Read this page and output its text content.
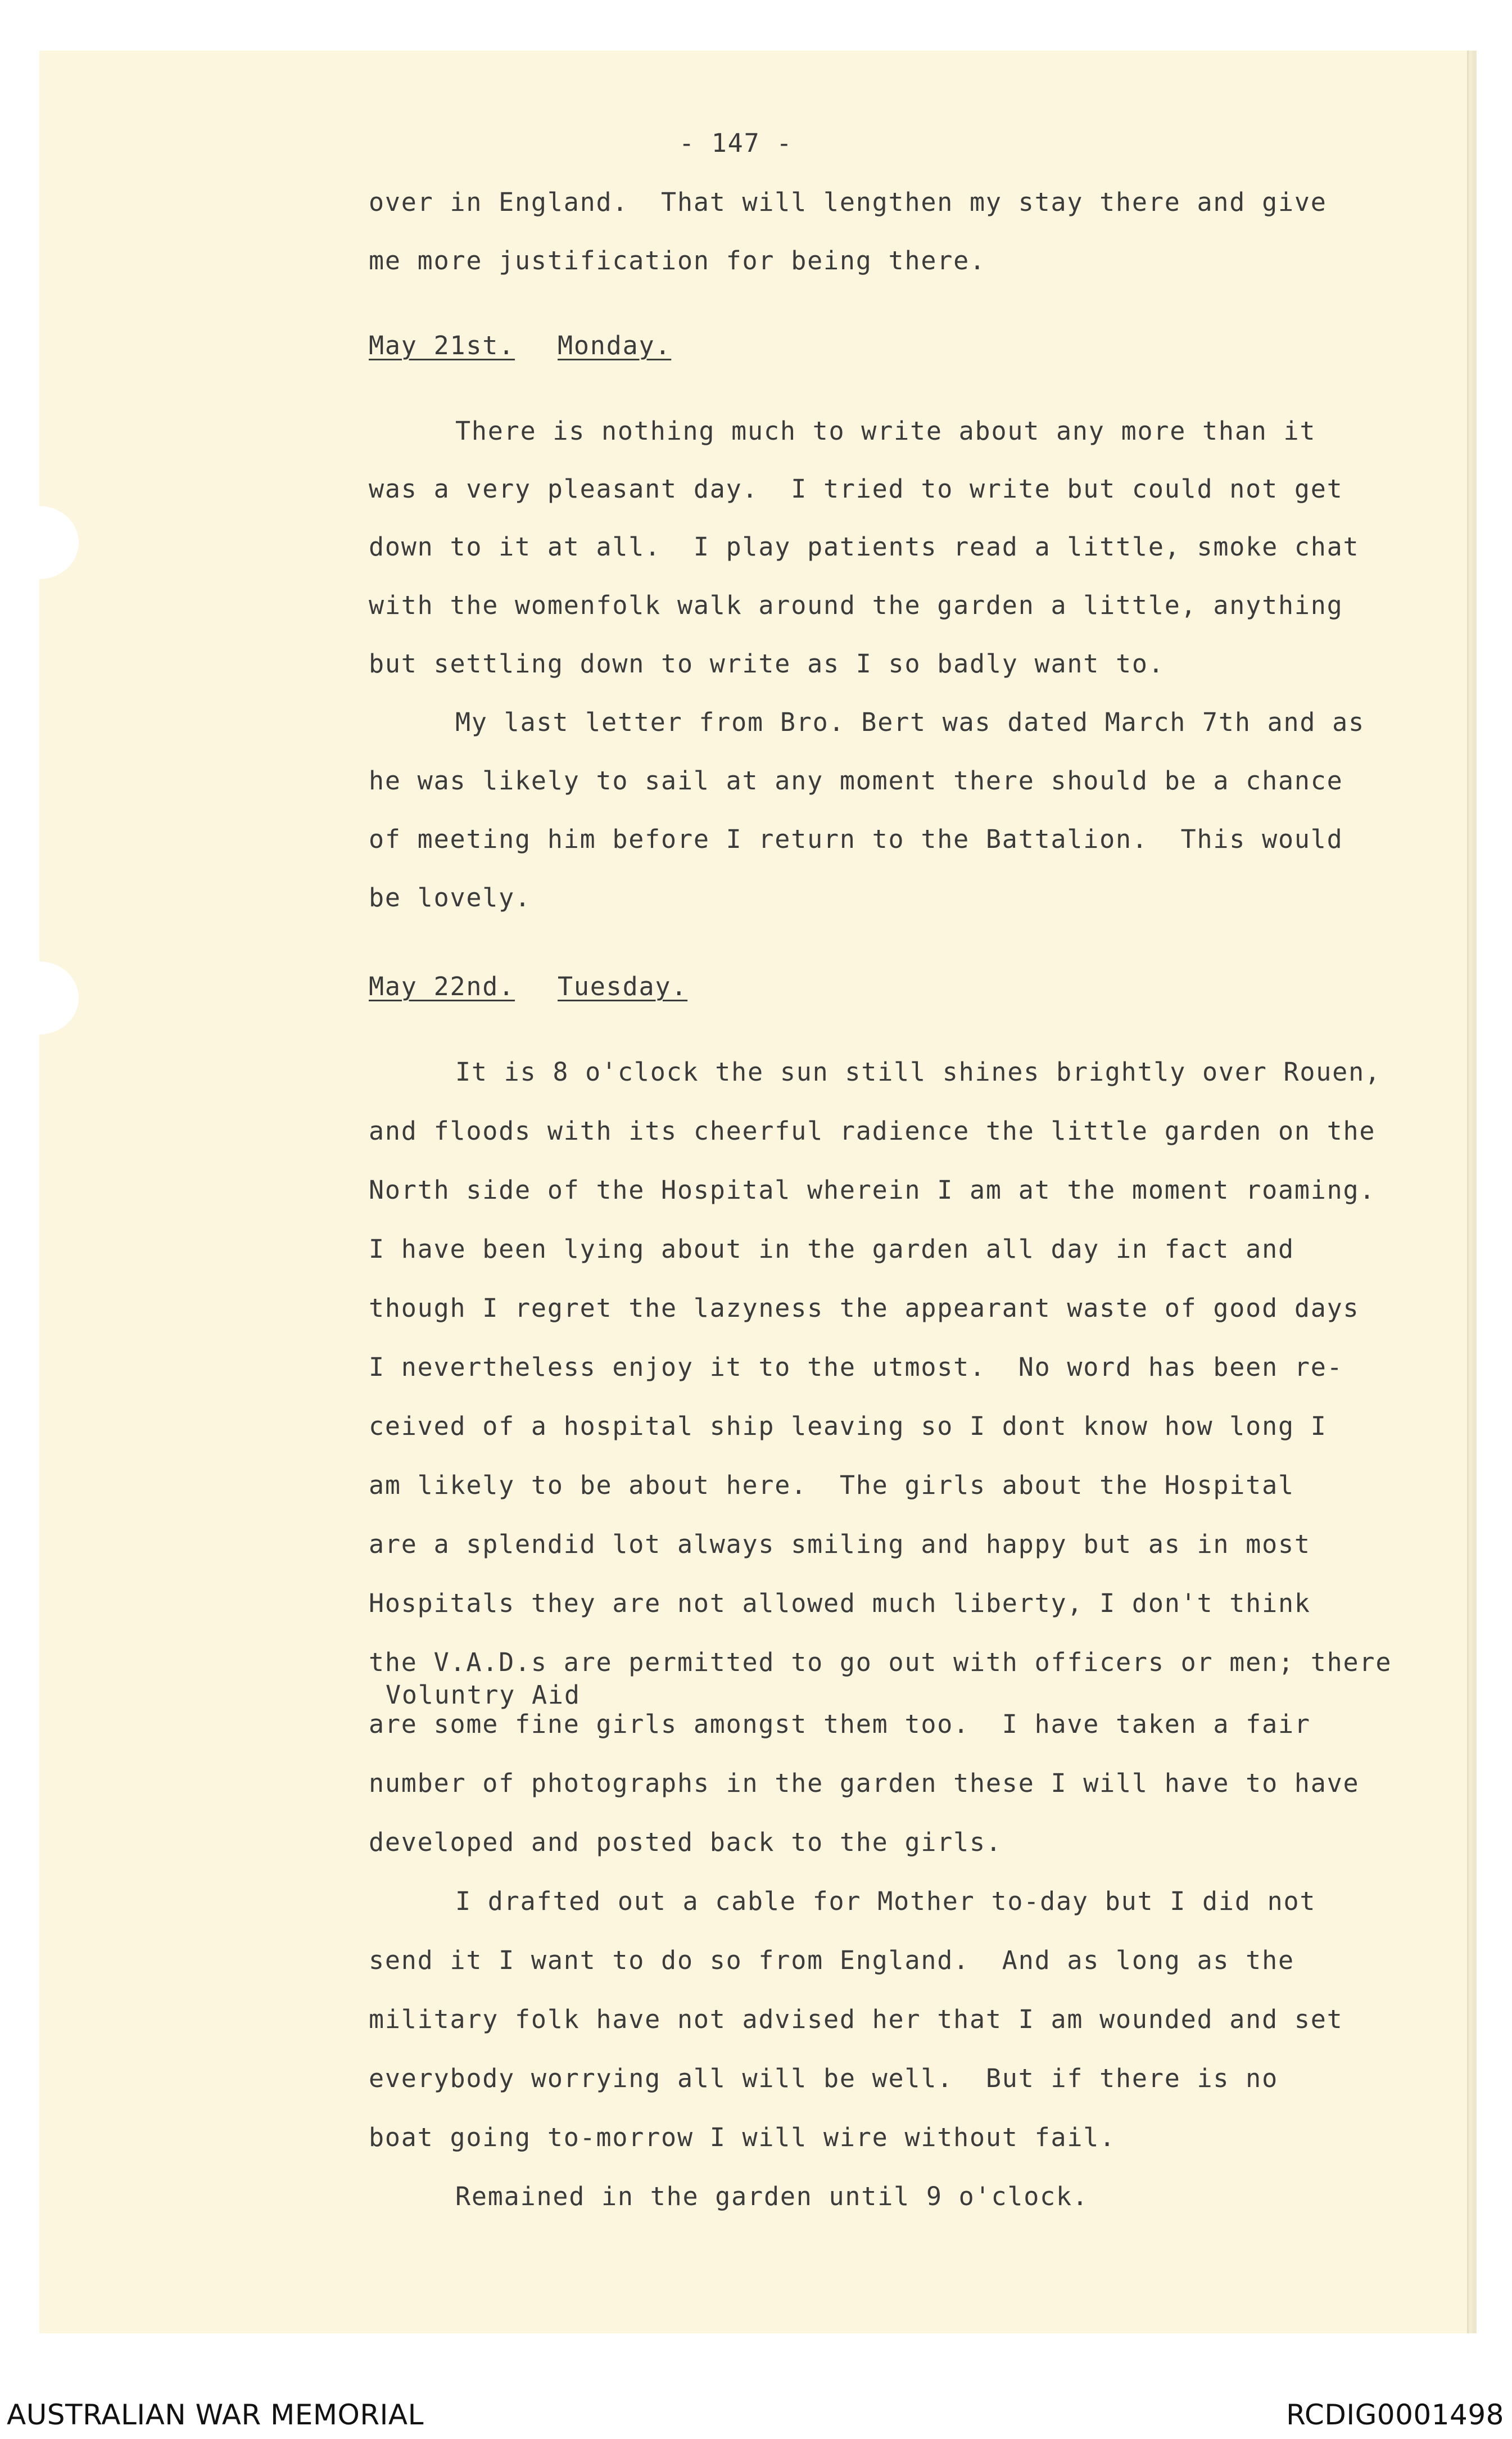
- 147 -
over in England.  That will lengthen my stay there and give
me more justification for being there.
May 21st. Monday.
There is nothing much to write about any more than it
was a very pleasant day.  I tried to write but could not get
down to it at all.  I play patients read a little, smoke chat
with the womenfolk walk around the garden a little, anything
but settling down to write as I so badly want to.
My last letter from Bro. Bert was dated March 7th and as
he was likely to sail at any moment there should be a chance
of meeting him before I return to the Battalion.  This would
be lovely.
May 22nd. Tuesday.
It is 8 o'clock the sun still shines brightly over Rouen,
and floods with its cheerful radience the little garden on the
North side of the Hospital wherein I am at the moment roaming.
I have been lying about in the garden all day in fact and
though I regret the lazyness the appearant waste of good days
I nevertheless enjoy it to the utmost.  No word has been re-
ceived of a hospital ship leaving so I dont know how long I
am likely to be about here.  The girls about the Hospital
are a splendid lot always smiling and happy but as in most
Hospitals they are not allowed much liberty, I don't think
the V.A.D.s are permitted to go out with officers or men; there
Voluntry Aid
are some fine girls amongst them too.  I have taken a fair
number of photographs in the garden these I will have to have
developed and posted back to the girls.
I drafted out a cable for Mother to-day but I did not
send it I want to do so from England.  And as long as the
military folk have not advised her that I am wounded and set
everybody worrying all will be well.  But if there is no
boat going to-morrow I will wire without fail.
Remained in the garden until 9 o'clock.
AUSTRALIAN WAR MEMORIAL	RCDIG0001498
